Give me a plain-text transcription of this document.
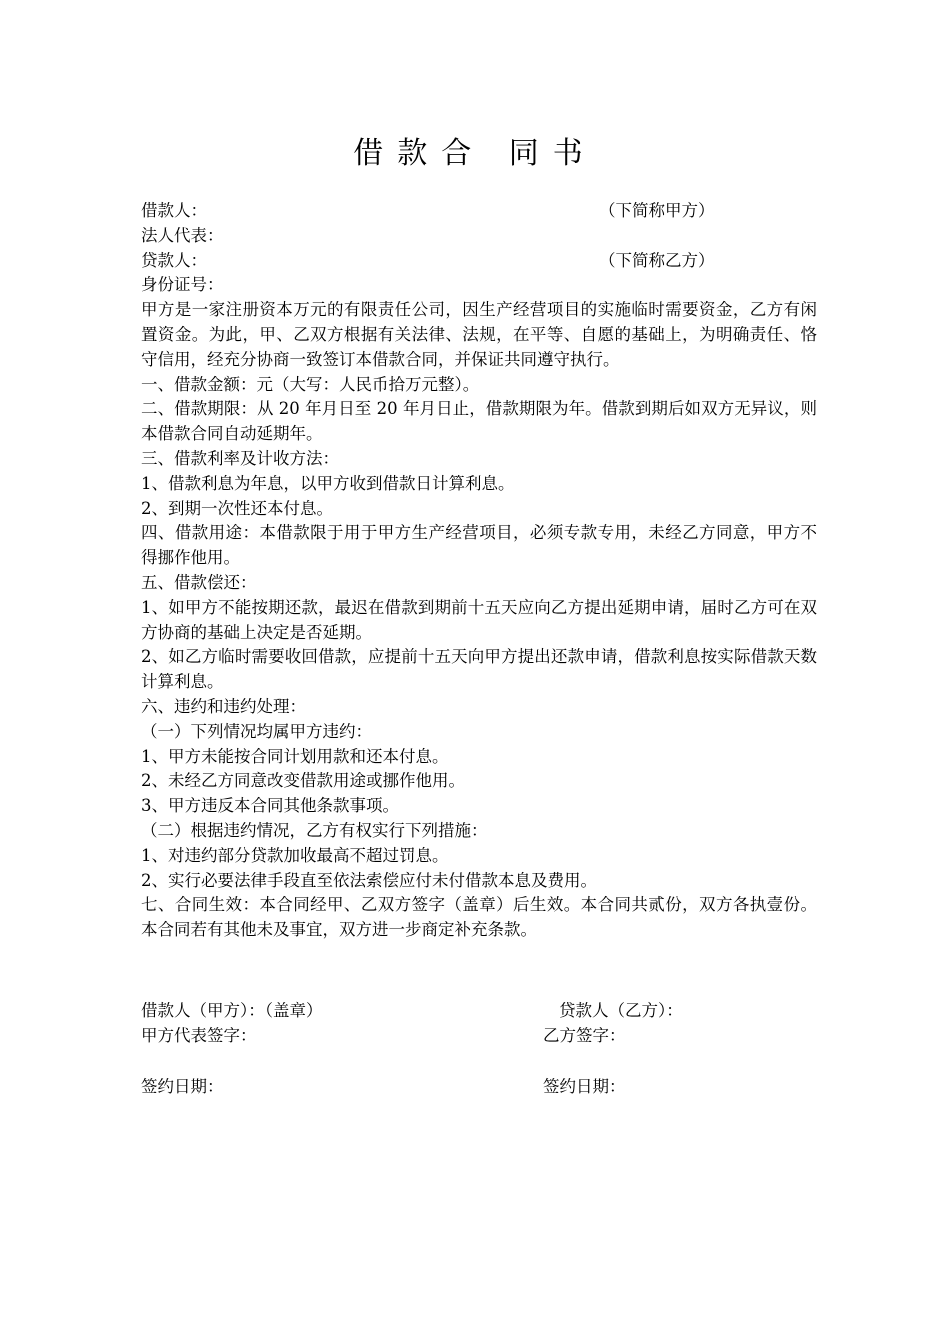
借款合 同书
借款人：	（下简称甲方）
法人代表：
贷款人：	（下简称乙方）
身份证号：
甲方是一家注册资本万元的有限责任公司，因生产经营项目的实施临时需要资金，乙方有闲置资金。为此，甲、乙双方根据有关法律、法规，在平等、自愿的基础上，为明确责任、恪守信用，经充分协商一致签订本借款合同，并保证共同遵守执行。
一、借款金额：元（大写：人民币拾万元整）。
二、借款期限：从 20 年月日至 20 年月日止，借款期限为年。借款到期后如双方无异议，则本借款合同自动延期年。
三、借款利率及计收方法：
1、借款利息为年息，以甲方收到借款日计算利息。
2、到期一次性还本付息。
四、借款用途：本借款限于用于甲方生产经营项目，必须专款专用，未经乙方同意，甲方不得挪作他用。
五、借款偿还：
1、如甲方不能按期还款，最迟在借款到期前十五天应向乙方提出延期申请，届时乙方可在双方协商的基础上决定是否延期。
2、如乙方临时需要收回借款，应提前十五天向甲方提出还款申请，借款利息按实际借款天数计算利息。
六、违约和违约处理：
（一）下列情况均属甲方违约：
1、甲方未能按合同计划用款和还本付息。
2、未经乙方同意改变借款用途或挪作他用。
3、甲方违反本合同其他条款事项。
（二）根据违约情况，乙方有权实行下列措施：
1、对违约部分贷款加收最高不超过罚息。
2、实行必要法律手段直至依法索偿应付未付借款本息及费用。
七、合同生效：本合同经甲、乙双方签字（盖章）后生效。本合同共贰份，双方各执壹份。本合同若有其他未及事宜，双方进一步商定补充条款。
借款人（甲方）：（盖章）	贷款人（乙方）：
甲方代表签字：	乙方签字：
签约日期：	签约日期：
